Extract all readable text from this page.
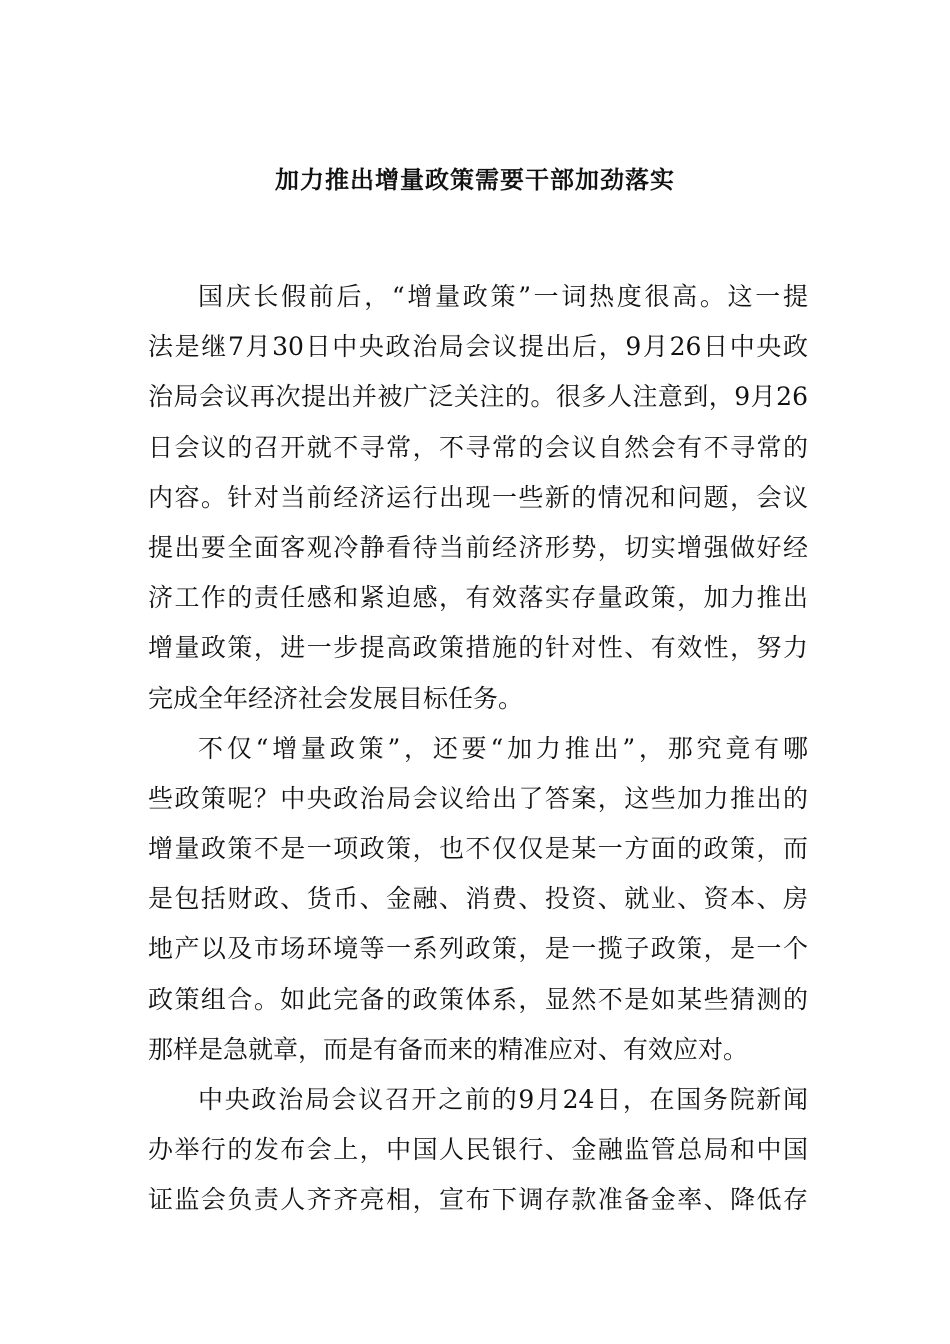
加力推出增量政策需要干部加劲落实
国庆长假前后，“增量政策”一词热度很高。这一提
法是继7月30日中央政治局会议提出后，9月26日中央政
治局会议再次提出并被广泛关注的。很多人注意到，9月26
日会议的召开就不寻常，不寻常的会议自然会有不寻常的
内容。针对当前经济运行出现一些新的情况和问题，会议
提出要全面客观冷静看待当前经济形势，切实增强做好经
济工作的责任感和紧迫感，有效落实存量政策，加力推出
增量政策，进一步提高政策措施的针对性、有效性，努力
完成全年经济社会发展目标任务。
不仅“增量政策”，还要“加力推出”，那究竟有哪
些政策呢？中央政治局会议给出了答案，这些加力推出的
增量政策不是一项政策，也不仅仅是某一方面的政策，而
是包括财政、货币、金融、消费、投资、就业、资本、房
地产以及市场环境等一系列政策，是一揽子政策，是一个
政策组合。如此完备的政策体系，显然不是如某些猜测的
那样是急就章，而是有备而来的精准应对、有效应对。
中央政治局会议召开之前的9月24日，在国务院新闻
办举行的发布会上，中国人民银行、金融监管总局和中国
证监会负责人齐齐亮相，宣布下调存款准备金率、降低存
